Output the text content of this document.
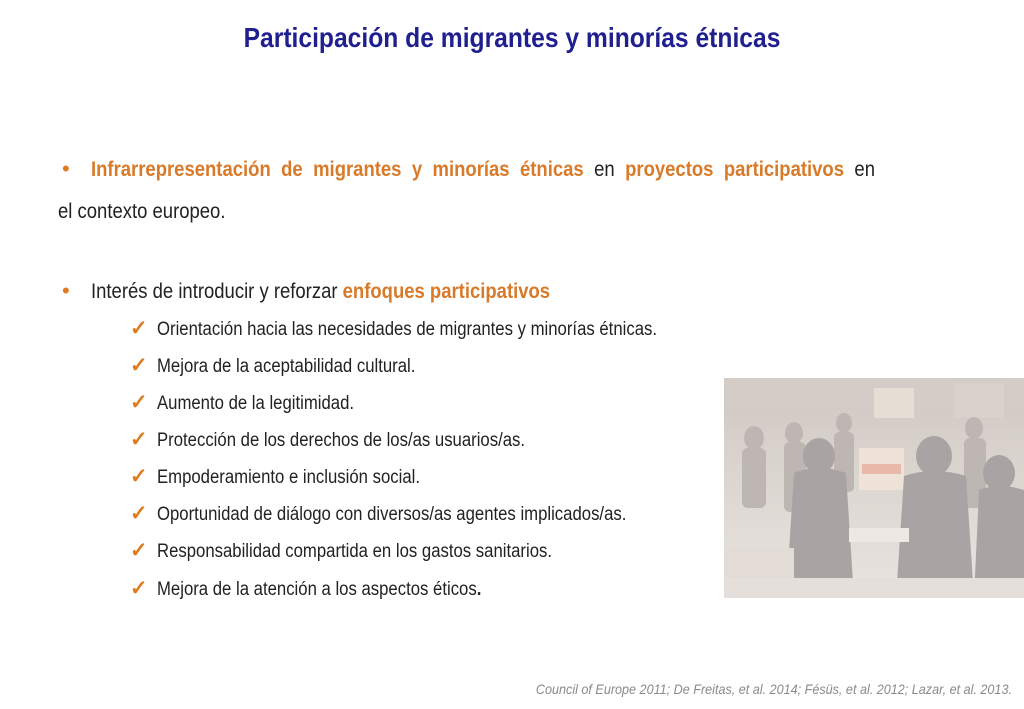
Participación de migrantes y minorías étnicas
• Infrarrepresentación de migrantes y minorías étnicas en proyectos participativos en
el contexto europeo.
• Interés de introducir y reforzar enfoques participativos
✓ Orientación hacia las necesidades de migrantes y minorías étnicas.
✓ Mejora de la aceptabilidad cultural.
✓ Aumento de la legitimidad.
✓ Protección de los derechos de los/as usuarios/as.
✓ Empoderamiento e inclusión social.
✓ Oportunidad de diálogo con diversos/as agentes implicados/as.
✓ Responsabilidad compartida en los gastos sanitarios.
✓ Mejora de la atención a los aspectos éticos.
Council of Europe 2011; De Freitas, et al. 2014; Fésüs, et al. 2012; Lazar, et al. 2013.
